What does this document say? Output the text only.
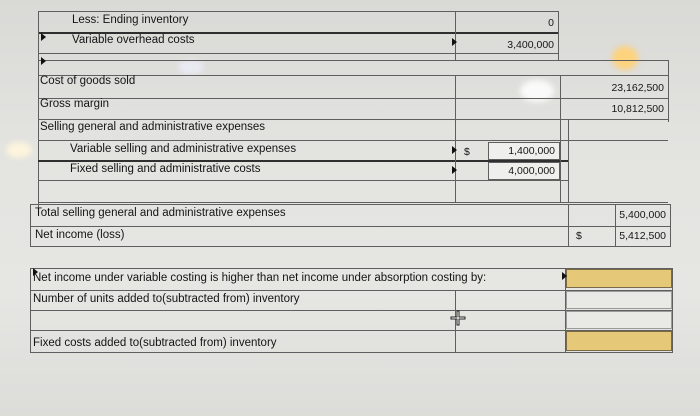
Less: Ending inventory
Variable overhead costs
0
3,400,000
Cost of goods sold
Gross margin
Selling general and administrative expenses
Variable selling and administrative expenses
Fixed selling and administrative costs
23,162,500
10,812,500
$	1,400,000
4,000,000
Total selling general and administrative expenses
Net income (loss)
5,400,000
$	5,412,500
Net income under variable costing is higher than net income under absorption costing by:
Number of units added to(subtracted from) inventory
Fixed costs added to(subtracted from) inventory
